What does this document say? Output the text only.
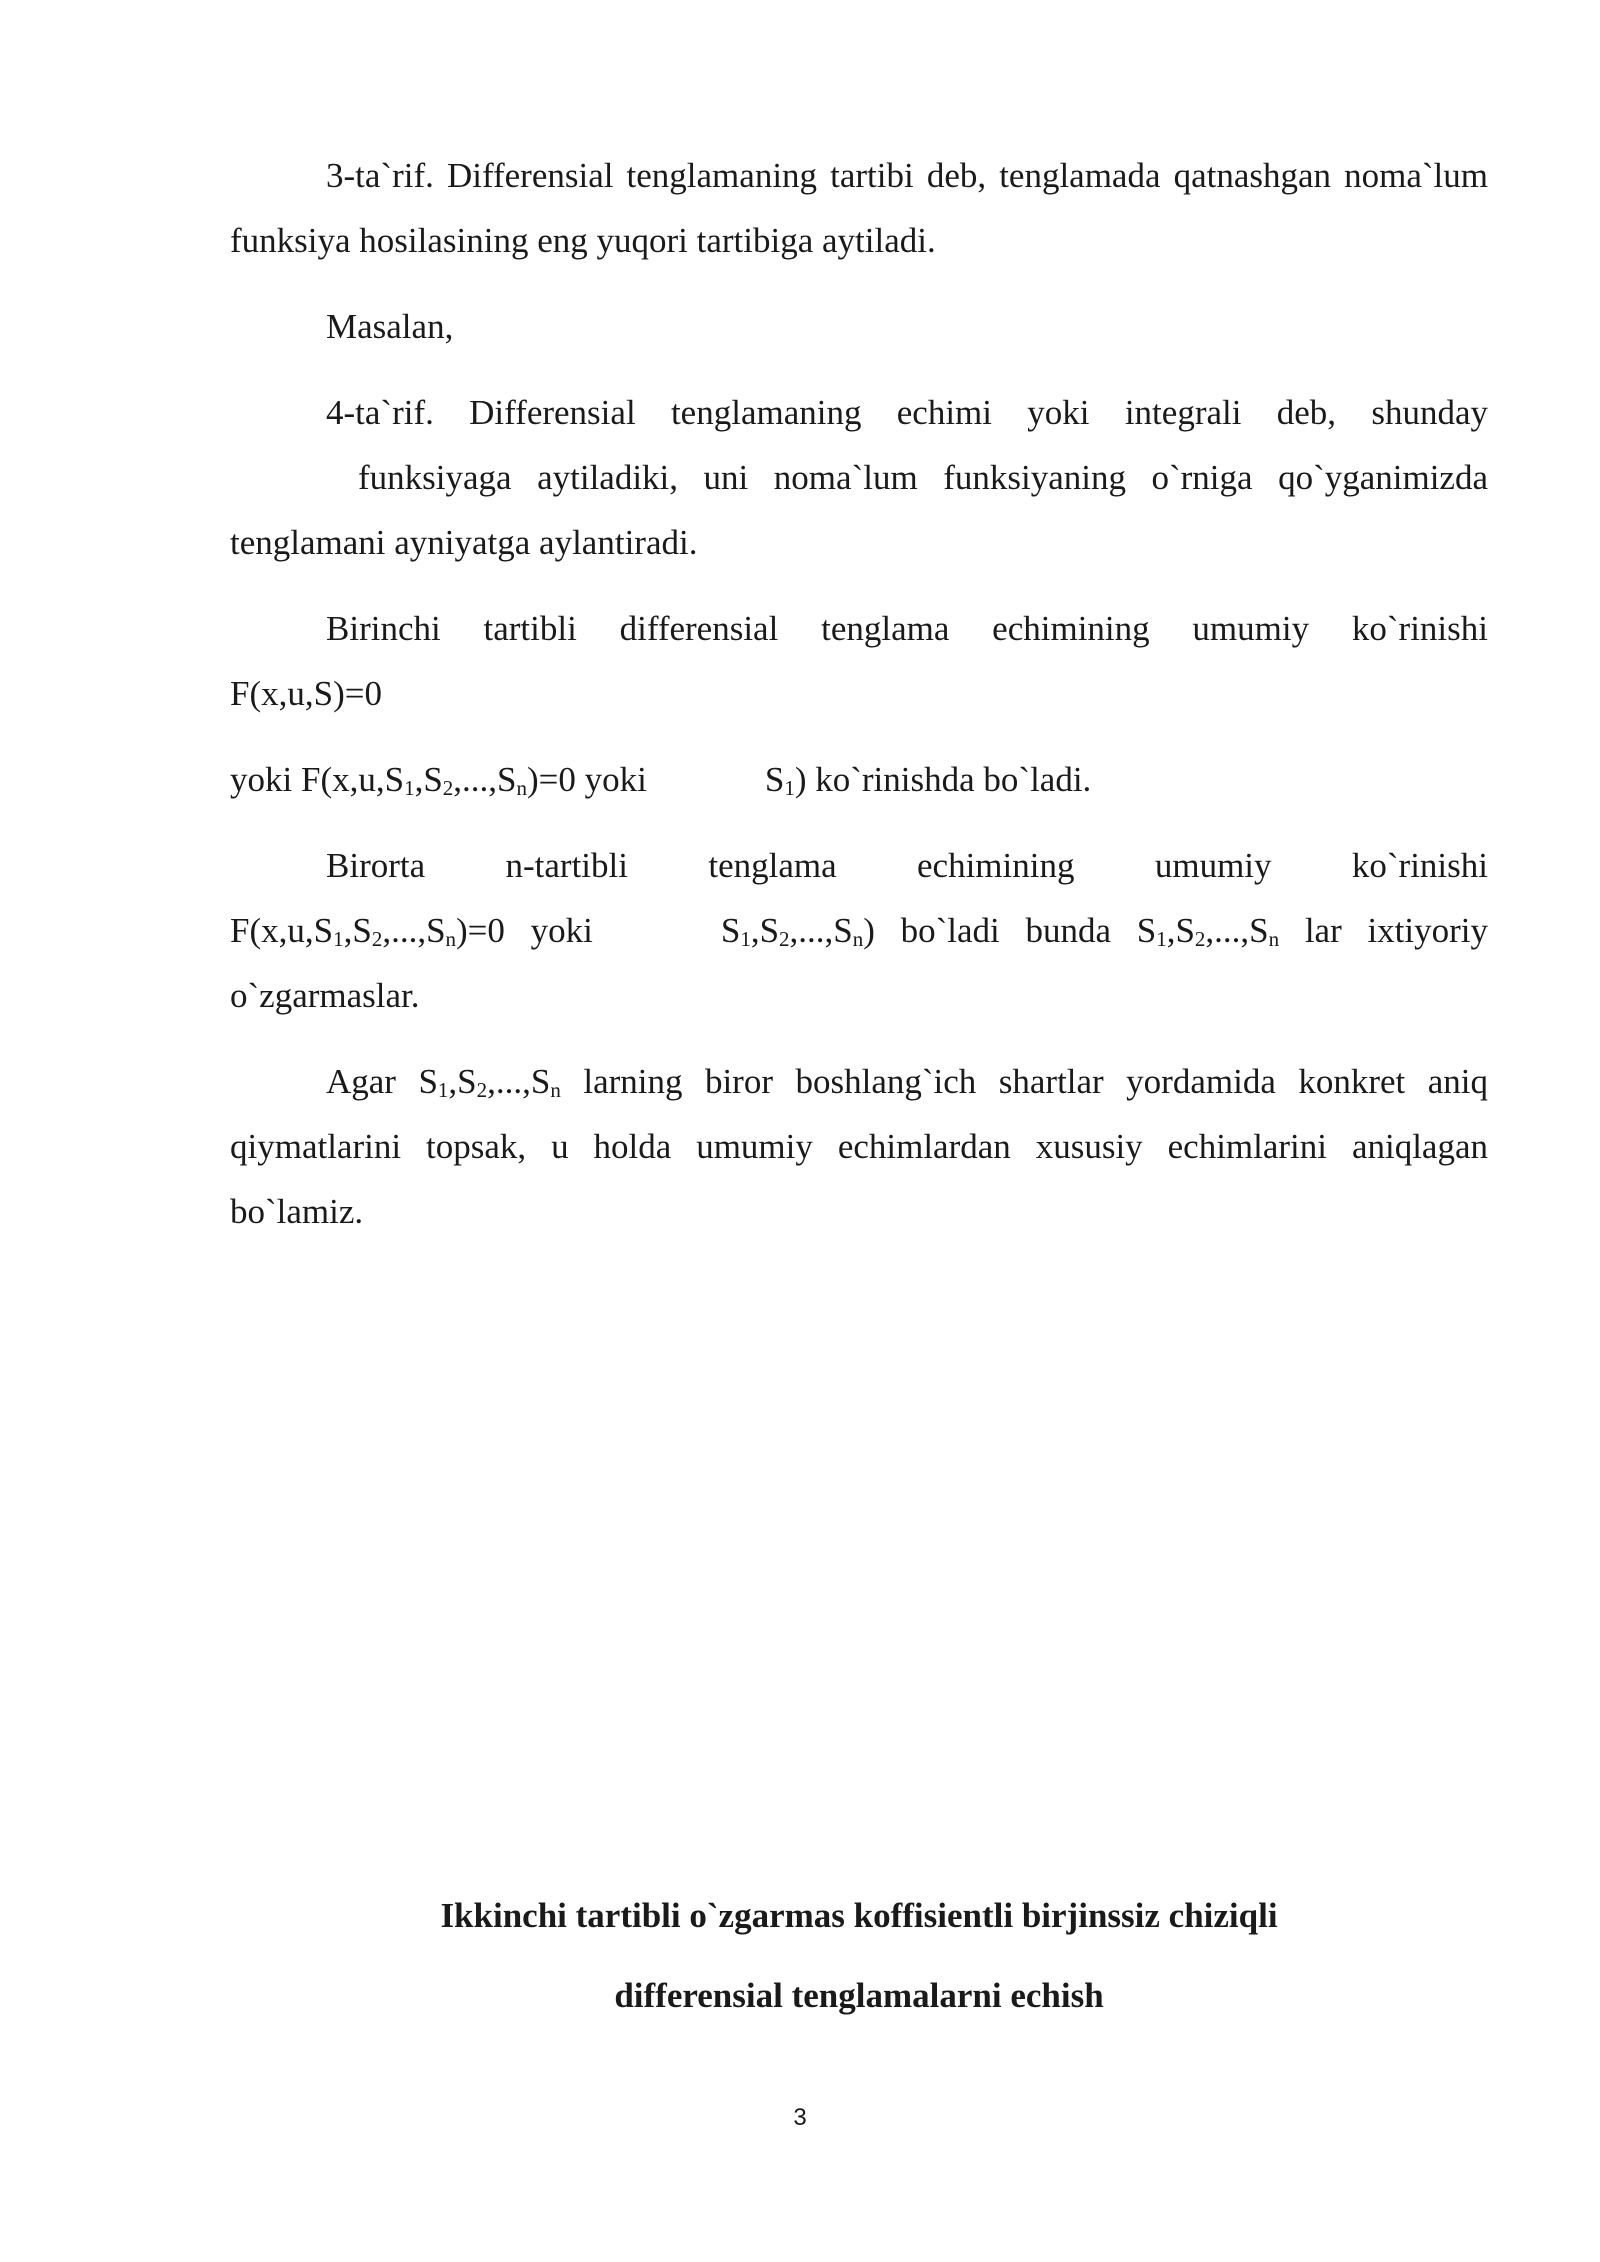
3-ta`rif. Differensial tenglamaning tartibi deb, tenglamada qatnashgan noma`lum funksiya hosilasining eng yuqori tartibiga aytiladi.

Masalan,

4-ta`rif. Differensial tenglamaning echimi yoki integrali deb, shunday

funksiyaga aytiladiki, uni noma`lum funksiyaning o`rniga qo`yganimizda tenglamani ayniyatga aylantiradi.

Birinchi tartibli differensial tenglama echimining umumiy ko`rinishi

F(x,u,S)=0

yoki $F(x,u,S_1,S_2,...,S_n)=0$ yoki	$S_1$) ko`rinishda bo`ladi.

Birorta n-tartibli tenglama echimining umumiy ko`rinishi

$F(x,u,S_1,S_2,...,S_n)=0$ yoki	$S_1,S_2,...,S_n$) bo`ladi bunda $S_1,S_2,...,S_n$ lar ixtiyoriy o`zgarmaslar.

Agar $S_1,S_2,...,S_n$ larning biror boshlang`ich shartlar yordamida konkret aniq qiymatlarini topsak, u holda umumiy echimlardan xususiy echimlarini aniqlagan bo`lamiz.

Ikkinchi tartibli o`zgarmas koffisientli birjinssiz chiziqli
differensial tenglamalarni echish
3
